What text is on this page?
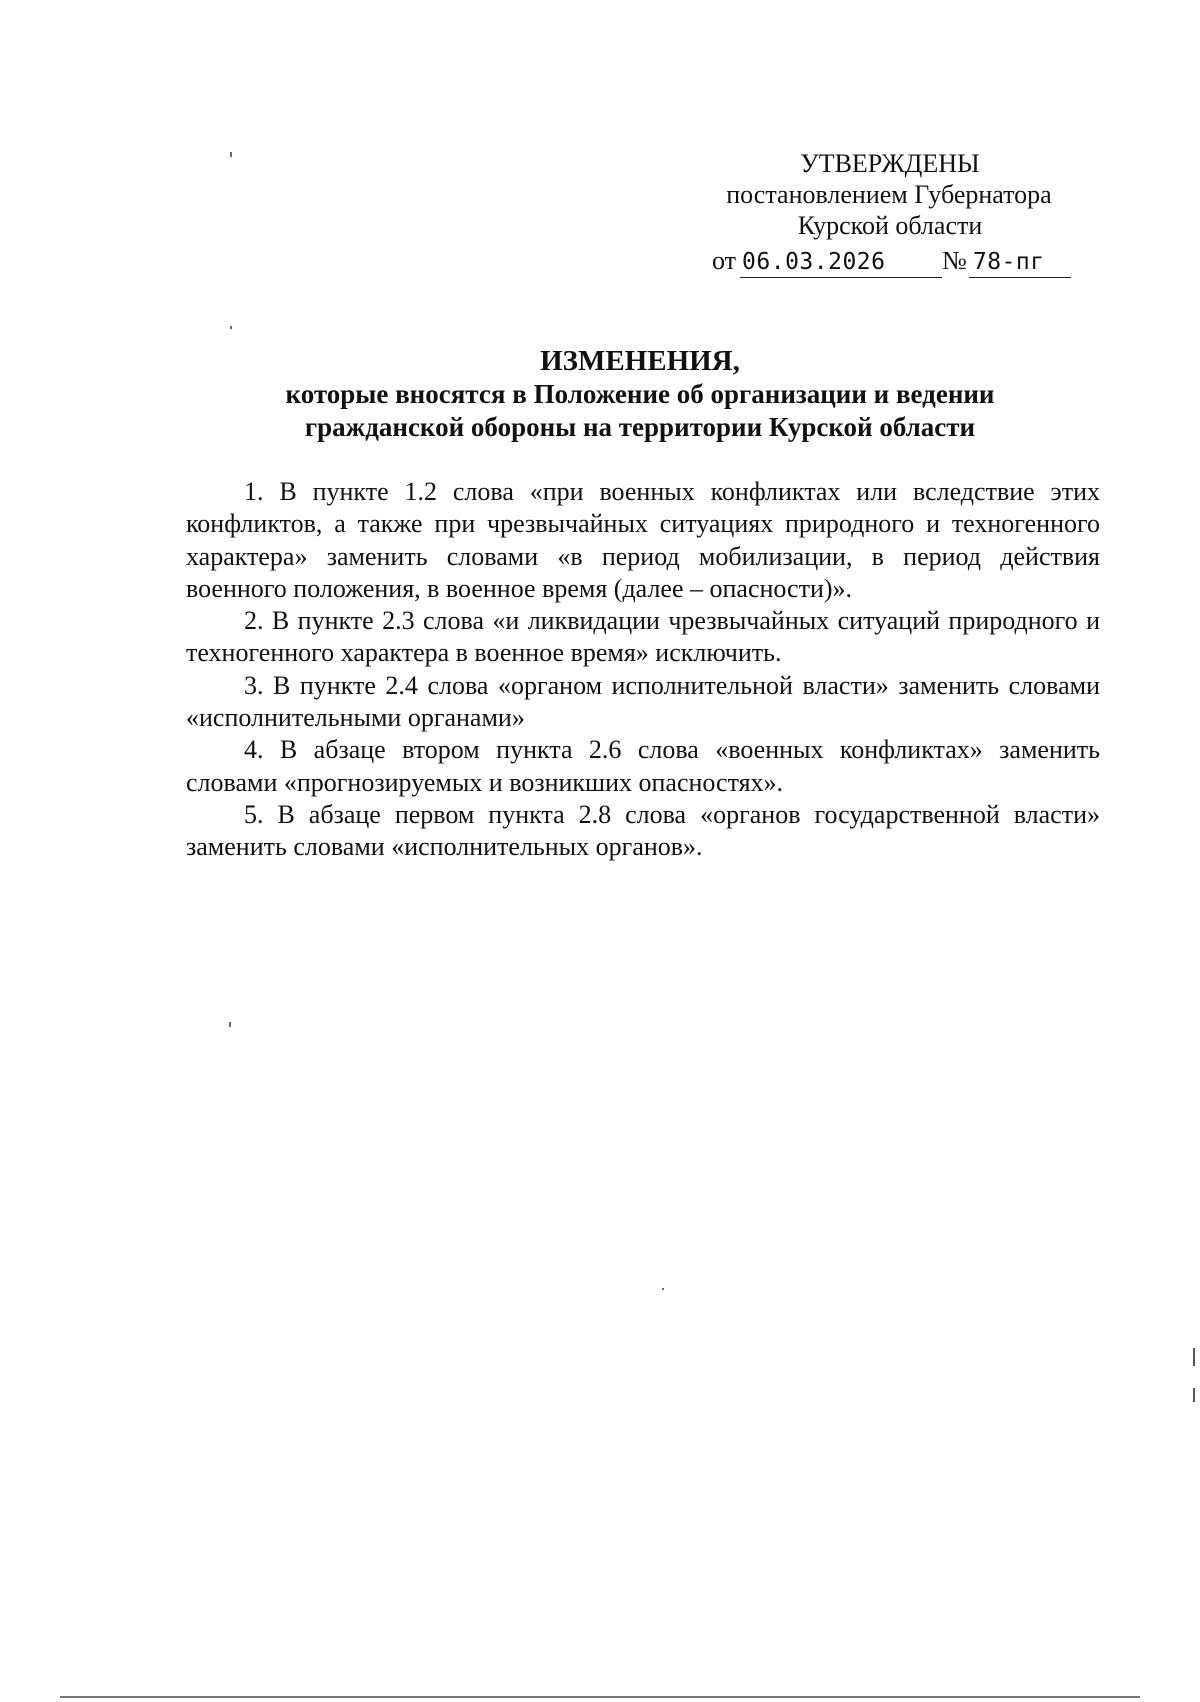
УТВЕРЖДЕНЫ
постановлением Губернатора
Курской области
от 06.03.2026 № 78-пг
ИЗМЕНЕНИЯ,
которые вносятся в Положение об организации и ведении
гражданской обороны на территории Курской области

1. В пункте 1.2 слова «при военных конфликтах или вследствие этих конфликтов, а также при чрезвычайных ситуациях природного и техногенного характера» заменить словами «в период мобилизации, в период действия военного положения, в военное время (далее – опасности)».

2. В пункте 2.3 слова «и ликвидации чрезвычайных ситуаций природного и техногенного характера в военное время» исключить.

3. В пункте 2.4 слова «органом исполнительной власти» заменить словами «исполнительными органами»

4. В абзаце втором пункта 2.6 слова «военных конфликтах» заменить словами «прогнозируемых и возникших опасностях».

5. В абзаце первом пункта 2.8 слова «органов государственной власти» заменить словами «исполнительных органов».
